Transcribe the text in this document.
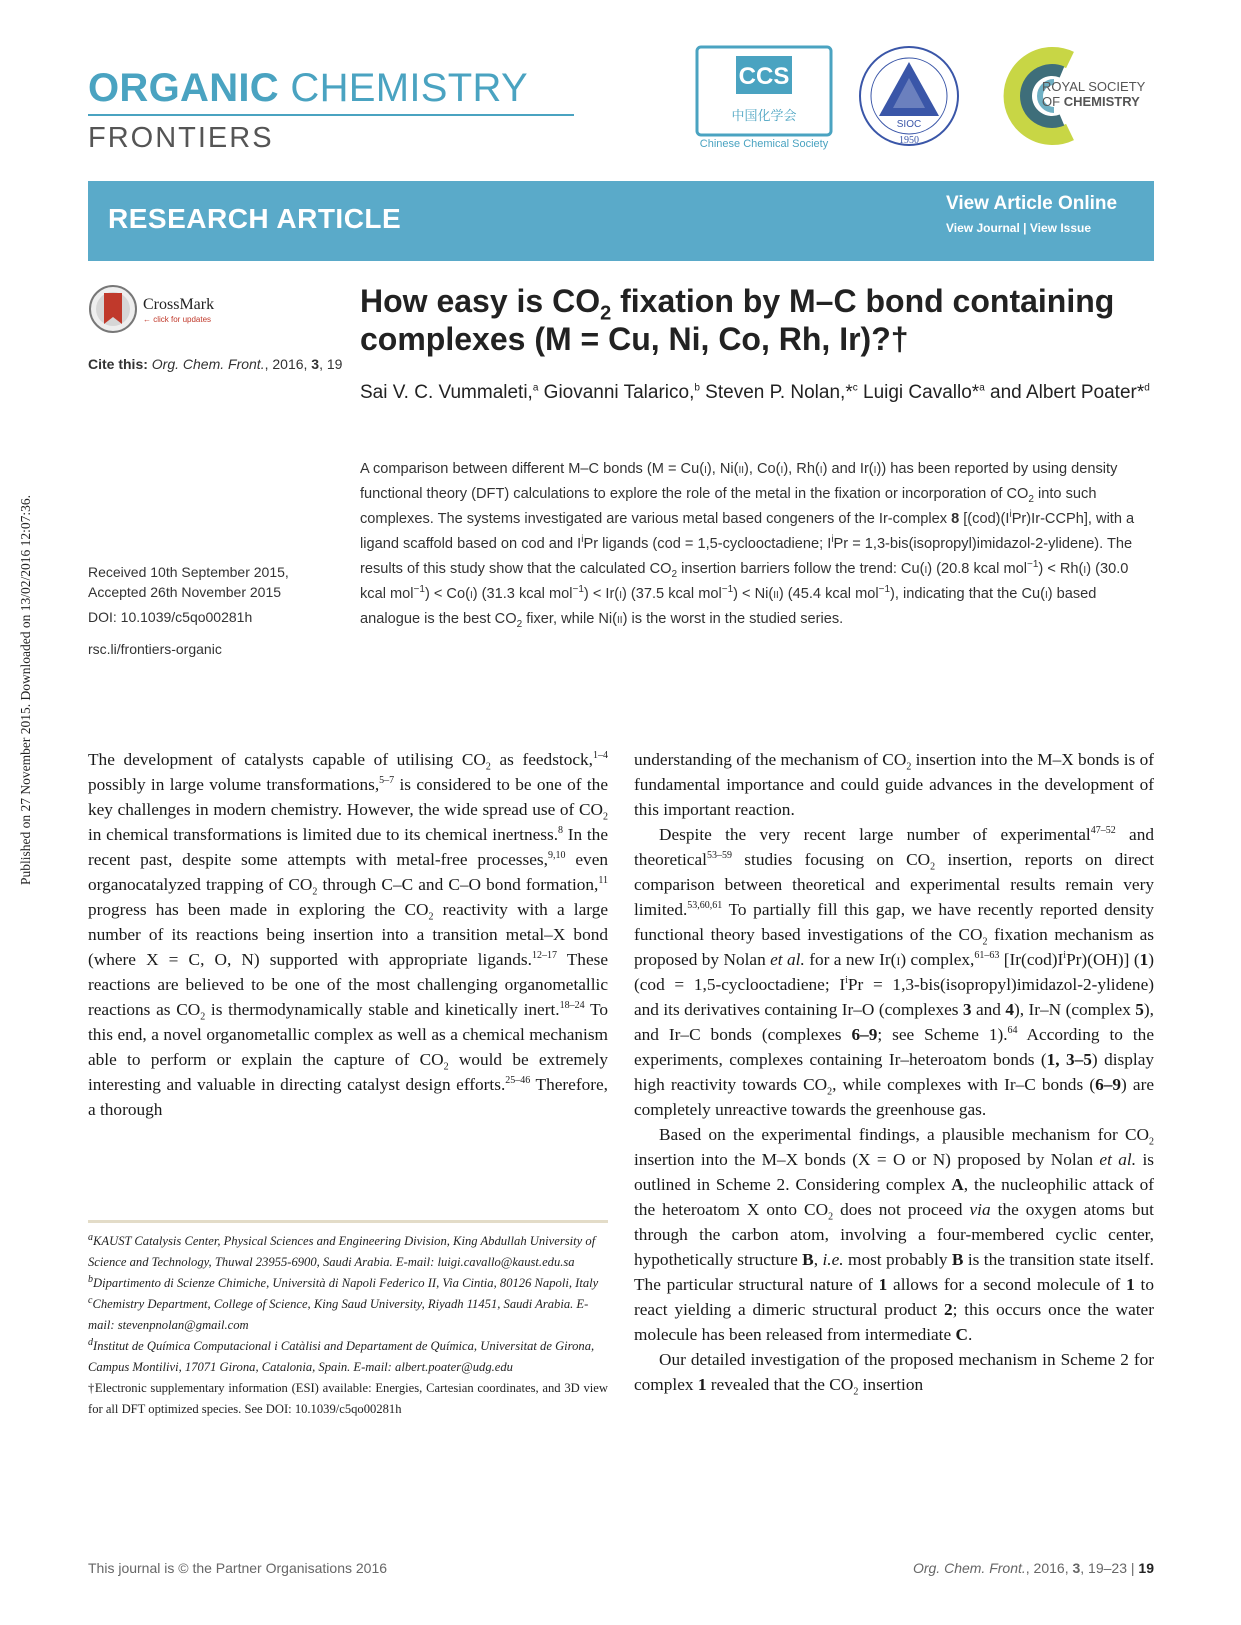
ORGANIC CHEMISTRY
FRONTIERS
CCS
中国化学会
Chinese Chemical Society
SIOC
1950
ROYAL SOCIETY
OF CHEMISTRY
RESEARCH ARTICLE	View Article Online
View Journal | View Issue
CrossMark
← click for updates
Cite this: Org. Chem. Front., 2016, 3, 19
Received 10th September 2015,
Accepted 26th November 2015
DOI: 10.1039/c5qo00281h
rsc.li/frontiers-organic
Published on 27 November 2015. Downloaded on 13/02/2016 12:07:36.
How easy is $CO_2$ fixation by M–C bond containing complexes (M = Cu, Ni, Co, Rh, Ir)?†
Sai V. C. Vummaleti,$^a$ Giovanni Talarico,$^b$ Steven P. Nolan,*$^c$ Luigi Cavallo*$^a$ and Albert Poater*$^d$
A comparison between different M–C bonds (M = Cu(i), Ni(ii), Co(i), Rh(i) and Ir(i)) has been reported by using density functional theory (DFT) calculations to explore the role of the metal in the fixation or incorporation of $CO_2$ into such complexes. The systems investigated are various metal based congeners of the Ir-complex 8 $[(cod)(I^iPr)Ir-CCPh]$, with a ligand scaffold based on cod and $I^iPr$ ligands (cod = 1,5-cyclooctadiene; $I^iPr$ = 1,3-bis(isopropyl)imidazol-2-ylidene). The results of this study show that the calculated $CO_2$ insertion barriers follow the trend: Cu(i) (20.8 kcal mol$^{-1}$) < Rh(i) (30.0 kcal mol$^{-1}$) < Co(i) (31.3 kcal mol$^{-1}$) < Ir(i) (37.5 kcal mol$^{-1}$) < Ni(ii) (45.4 kcal mol$^{-1}$), indicating that the Cu(i) based analogue is the best $CO_2$ fixer, while Ni(ii) is the worst in the studied series.

The development of catalysts capable of utilising $CO_2$ as feedstock,$^{1-4}$ possibly in large volume transformations,$^{5-7}$ is considered to be one of the key challenges in modern chemistry. However, the wide spread use of $CO_2$ in chemical transformations is limited due to its chemical inertness.$^8$ In the recent past, despite some attempts with metal-free processes,$^{9,10}$ even organocatalyzed trapping of $CO_2$ through C–C and C–O bond formation,$^{11}$ progress has been made in exploring the $CO_2$ reactivity with a large number of its reactions being insertion into a transition metal–X bond (where X = C, O, N) supported with appropriate ligands.$^{12-17}$ These reactions are believed to be one of the most challenging organometallic reactions as $CO_2$ is thermodynamically stable and kinetically inert.$^{18-24}$ To this end, a novel organometallic complex as well as a chemical mechanism able to perform or explain the capture of $CO_2$ would be extremely interesting and valuable in directing catalyst design efforts.$^{25-46}$ Therefore, a thorough

understanding of the mechanism of $CO_2$ insertion into the M–X bonds is of fundamental importance and could guide advances in the development of this important reaction.

Despite the very recent large number of experimental$^{47-52}$ and theoretical$^{53-59}$ studies focusing on $CO_2$ insertion, reports on direct comparison between theoretical and experimental results remain very limited.$^{53,60,61}$ To partially fill this gap, we have recently reported density functional theory based investigations of the $CO_2$ fixation mechanism as proposed by Nolan et al. for a new Ir(i) complex,$^{61-63}$ $[Ir(cod)I^iPr)(OH)$] (1) (cod = 1,5-cyclooctadiene; $I^iPr$ = 1,3-bis(isopropyl)imidazol-2-ylidene) and its derivatives containing Ir–O (complexes 3 and 4), Ir–N (complex 5), and Ir–C bonds (complexes 6–9; see Scheme 1).$^{64}$ According to the experiments, complexes containing Ir–heteroatom bonds (1, 3–5) display high reactivity towards $CO_2$, while complexes with Ir–C bonds (6–9) are completely unreactive towards the greenhouse gas.

Based on the experimental findings, a plausible mechanism for $CO_2$ insertion into the M–X bonds (X = O or N) proposed by Nolan et al. is outlined in Scheme 2. Considering complex A, the nucleophilic attack of the heteroatom X onto $CO_2$ does not proceed via the oxygen atoms but through the carbon atom, involving a four-membered cyclic center, hypothetically structure B, i.e. most probably B is the transition state itself. The particular structural nature of 1 allows for a second molecule of 1 to react yielding a dimeric structural product 2; this occurs once the water molecule has been released from intermediate C.

Our detailed investigation of the proposed mechanism in Scheme 2 for complex 1 revealed that the $CO_2$ insertion

$^a$KAUST Catalysis Center, Physical Sciences and Engineering Division, King Abdullah University of Science and Technology, Thuwal 23955-6900, Saudi Arabia. E-mail: luigi.cavallo@kaust.edu.sa

$^b$Dipartimento di Scienze Chimiche, Università di Napoli Federico II, Via Cintia, 80126 Napoli, Italy

$^c$Chemistry Department, College of Science, King Saud University, Riyadh 11451, Saudi Arabia. E-mail: stevenpnolan@gmail.com

$^d$Institut de Química Computacional i Catàlisi and Departament de Química, Universitat de Girona, Campus Montilivi, 17071 Girona, Catalonia, Spain. E-mail: albert.poater@udg.edu

†Electronic supplementary information (ESI) available: Energies, Cartesian coordinates, and 3D view for all DFT optimized species. See DOI: 10.1039/c5qo00281h

This journal is © the Partner Organisations 2016	Org. Chem. Front., 2016, 3, 19–23 | 19
